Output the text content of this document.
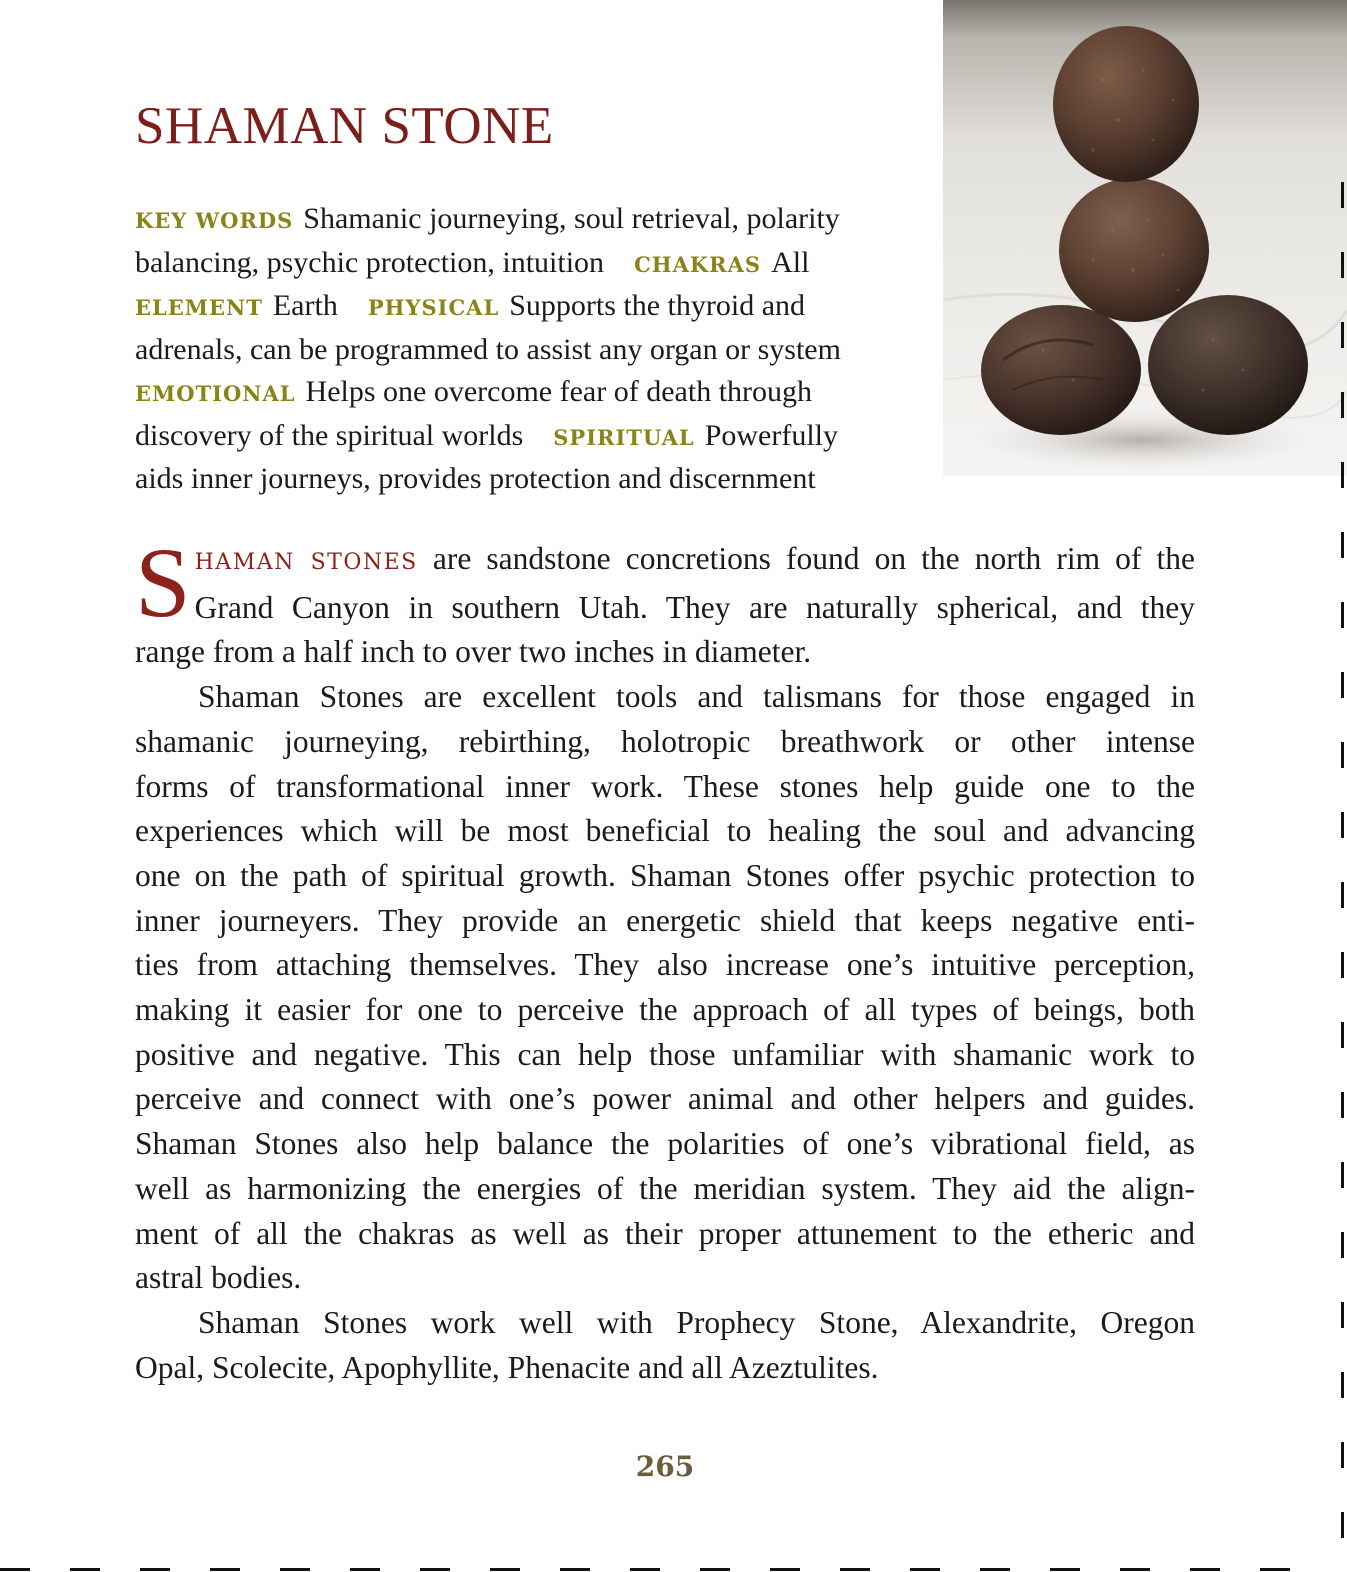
SHAMAN STONE
KEY WORDS Shamanic journeying, soul retrieval, polarity
balancing, psychic protection, intuition CHAKRAS All
ELEMENT Earth PHYSICAL Supports the thyroid and
adrenals, can be programmed to assist any organ or system
EMOTIONAL Helps one overcome fear of death through
discovery of the spiritual worlds SPIRITUAL Powerfully
aids inner journeys, provides protection and discernment
S HAMAN STONES are sandstone concretions found on the north rim of the
Grand Canyon in southern Utah. They are naturally spherical, and they
range from a half inch to over two inches in diameter.
Shaman Stones are excellent tools and talismans for those engaged in
shamanic journeying, rebirthing, holotropic breathwork or other intense
forms of transformational inner work. These stones help guide one to the
experiences which will be most beneficial to healing the soul and advancing
one on the path of spiritual growth. Shaman Stones offer psychic protection to
inner journeyers. They provide an energetic shield that keeps negative enti-
ties from attaching themselves. They also increase one’s intuitive perception,
making it easier for one to perceive the approach of all types of beings, both
positive and negative. This can help those unfamiliar with shamanic work to
perceive and connect with one’s power animal and other helpers and guides.
Shaman Stones also help balance the polarities of one’s vibrational field, as
well as harmonizing the energies of the meridian system. They aid the align-
ment of all the chakras as well as their proper attunement to the etheric and
astral bodies.
Shaman Stones work well with Prophecy Stone, Alexandrite, Oregon
Opal, Scolecite, Apophyllite, Phenacite and all Azeztulites.
265
